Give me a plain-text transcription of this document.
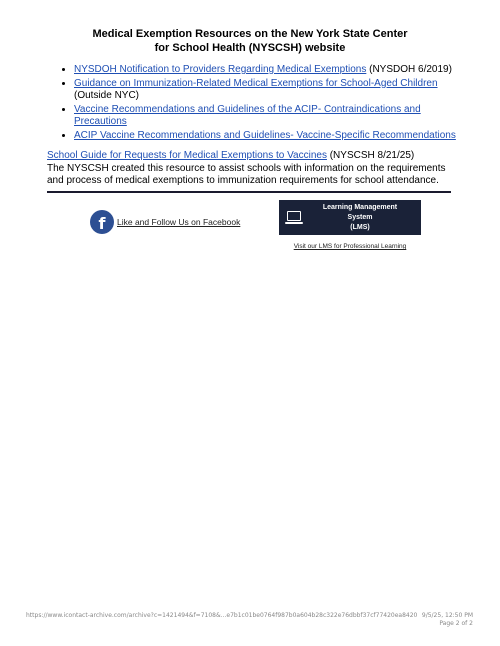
Medical Exemption Resources on the New York State Center
for School Health (NYSCSH) website
• NYSDOH Notification to Providers Regarding Medical Exemptions (NYSDOH 6/2019)
• Guidance on Immunization-Related Medical Exemptions for School-Aged Children (Outside NYC)
• Vaccine Recommendations and Guidelines of the ACIP- Contraindications and Precautions
• ACIP Vaccine Recommendations and Guidelines- Vaccine-Specific Recommendations

School Guide for Requests for Medical Exemptions to Vaccines (NYSCSH 8/21/25)

The NYSCSH created this resource to assist schools with information on the requirements and process of medical exemptions to immunization requirements for school attendance.

f Like and Follow Us on Facebook
Learning Management System
(LMS)
Visit our LMS for Professional Learning
https://www.icontact-archive.com/archive?c=1421494&f=7108&...e7b1c01be0764f987b0a604b28c322e76dbbf37cf77420ea8420 9/5/25, 12:50 PM
Page 2 of 2
